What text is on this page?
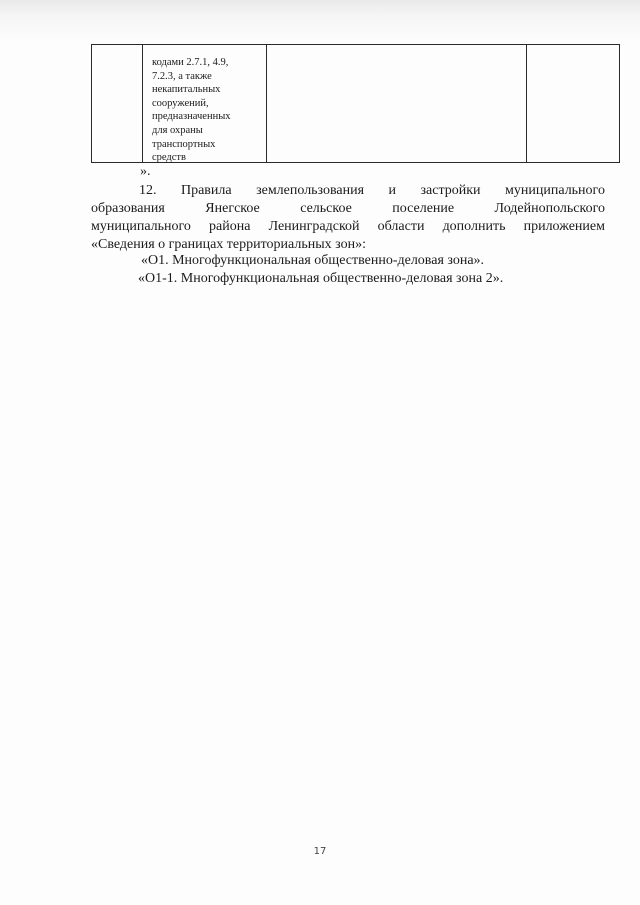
кодами 2.7.1, 4.9,
7.2.3, а также
некапитальных
сооружений,
предназначенных
для охраны
транспортных
средств
».
12. Правила землепользования и застройки муниципального
образования	Янегское	сельское	поселение	Лодейнопольского
муниципального района Ленинградской области дополнить приложением
«Сведения о границах территориальных зон»:
«О1. Многофункциональная общественно-деловая зона».
«О1-1. Многофункциональная общественно-деловая зона 2».
17
